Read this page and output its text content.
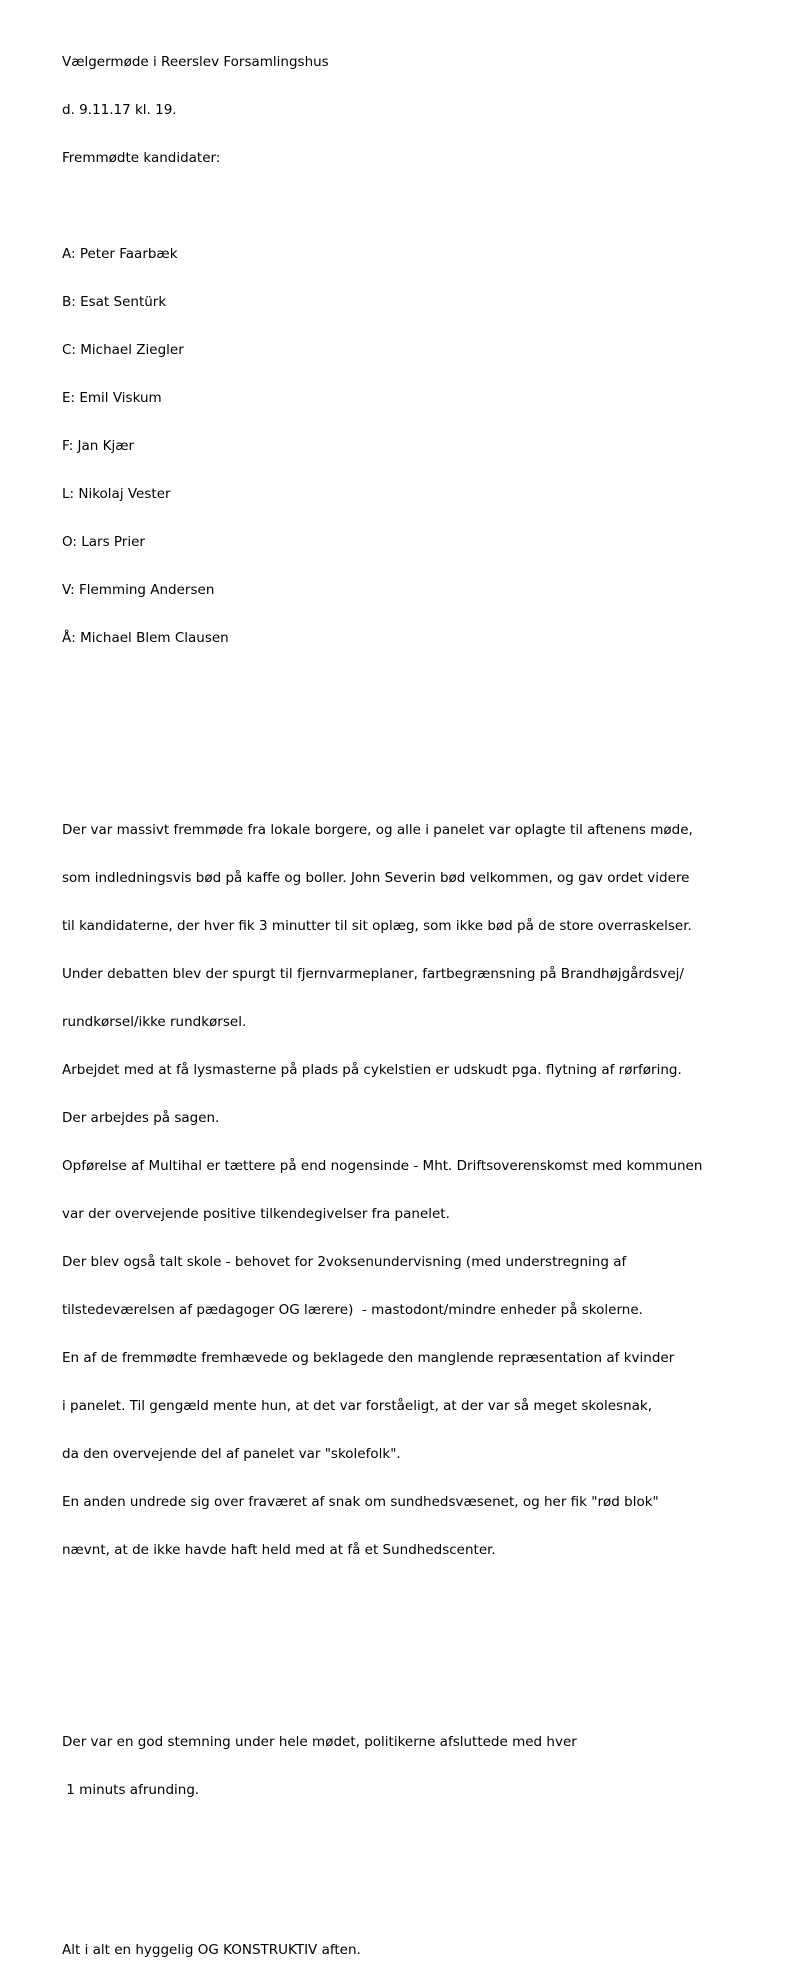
Vælgermøde i Reerslev Forsamlingshus

d. 9.11.17 kl. 19.

Fremmødte kandidater:

A: Peter Faarbæk

B: Esat Sentürk

C: Michael Ziegler

E: Emil Viskum

F: Jan Kjær

L: Nikolaj Vester

O: Lars Prier

V: Flemming Andersen

Å: Michael Blem Clausen

Der var massivt fremmøde fra lokale borgere, og alle i panelet var oplagte til aftenens møde,

som indledningsvis bød på kaffe og boller. John Severin bød velkommen, og gav ordet videre

til kandidaterne, der hver fik 3 minutter til sit oplæg, som ikke bød på de store overraskelser.

Under debatten blev der spurgt til fjernvarmeplaner, fartbegrænsning på Brandhøjgårdsvej/

rundkørsel/ikke rundkørsel.

Arbejdet med at få lysmasterne på plads på cykelstien er udskudt pga. flytning af rørføring.

Der arbejdes på sagen.

Opførelse af Multihal er tættere på end nogensinde - Mht. Driftsoverenskomst med kommunen

var der overvejende positive tilkendegivelser fra panelet.

Der blev også talt skole - behovet for 2voksenundervisning (med understregning af

tilstedeværelsen af pædagoger OG lærere)  - mastodont/mindre enheder på skolerne.

En af de fremmødte fremhævede og beklagede den manglende repræsentation af kvinder

i panelet. Til gengæld mente hun, at det var forståeligt, at der var så meget skolesnak,

da den overvejende del af panelet var "skolefolk".

En anden undrede sig over fraværet af snak om sundhedsvæsenet, og her fik "rød blok"

nævnt, at de ikke havde haft held med at få et Sundhedscenter.

Der var en god stemning under hele mødet, politikerne afsluttede med hver

1 minuts afrunding.

Alt i alt en hyggelig OG KONSTRUKTIV aften.
